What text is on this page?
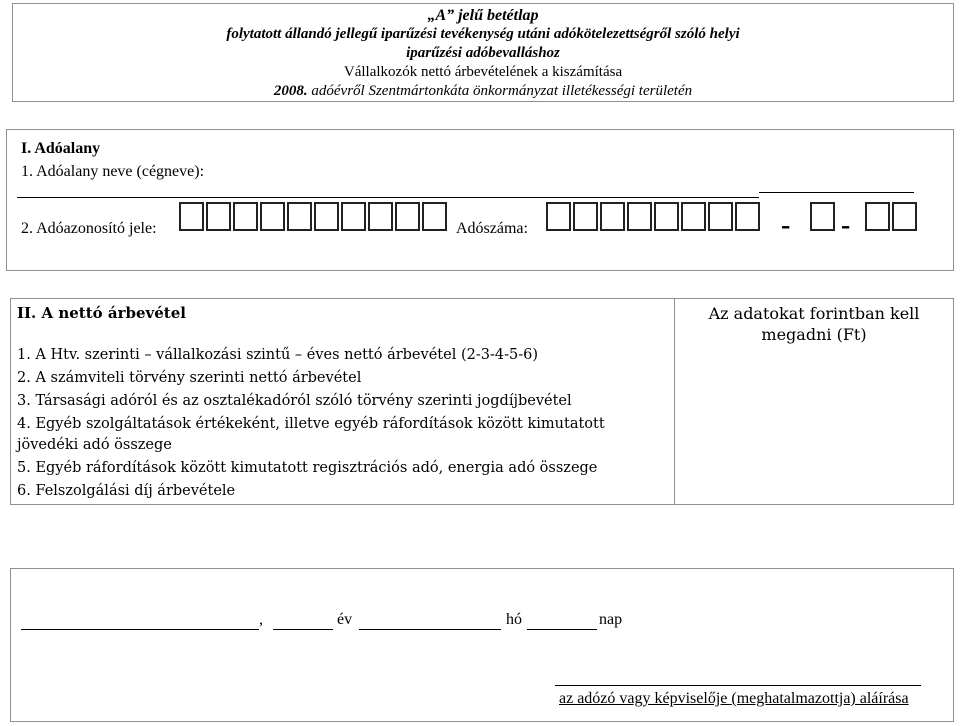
„A” jelű betétlap
folytatott állandó jellegű iparűzési tevékenység utáni adókötelezettségről szóló helyi
iparűzési adóbevalláshoz
Vállalkozók nettó árbevételének a kiszámítása
2008. adóévről Szentmártonkáta önkormányzat illetékességi területén
I. Adóalany
1. Adóalany neve (cégneve):
2. Adóazonosító jele:	Adószáma:	- -
II. A nettó árbevétel
1. A Htv. szerinti – vállalkozási szintű – éves nettó árbevétel (2-3-4-5-6)
2. A számviteli törvény szerinti nettó árbevétel
3. Társasági adóról és az osztalékadóról szóló törvény szerinti jogdíjbevétel
4. Egyéb szolgáltatások értékeként, illetve egyéb ráfordítások között kimutatott
jövedéki adó összege
5. Egyéb ráfordítások között kimutatott regisztrációs adó, energia adó összege
6. Felszolgálási díj árbevétele
Az adatokat forintban kell megadni (Ft)
,	év	hó	nap
az adózó vagy képviselője (meghatalmazottja) aláírása
